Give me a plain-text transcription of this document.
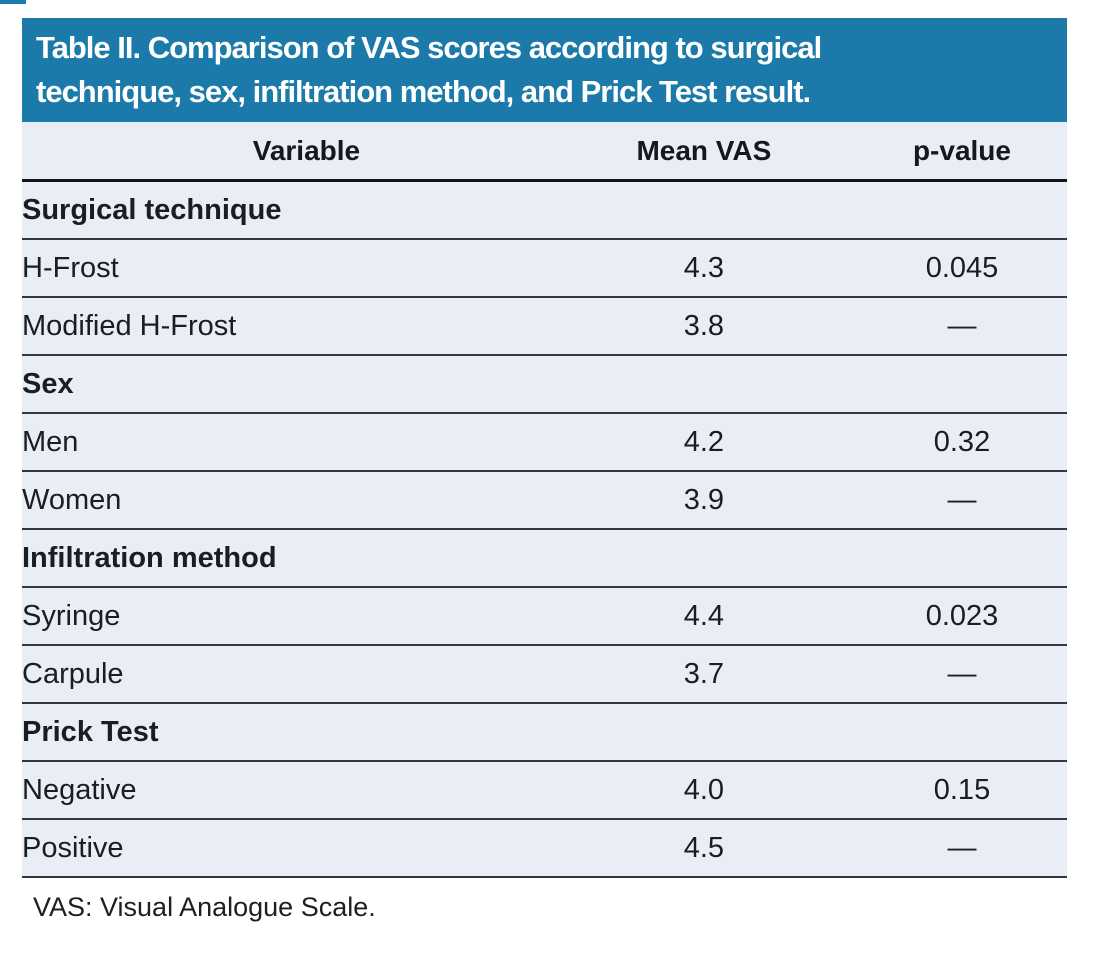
Table II. Comparison of VAS scores according to surgical
technique, sex, infiltration method, and Prick Test result.
Variable	Mean VAS	p-value
Surgical technique		
H-Frost	4.3	0.045
Modified H-Frost	3.8	—
Sex		
Men	4.2	0.32
Women	3.9	—
Infiltration method		
Syringe	4.4	0.023
Carpule	3.7	—
Prick Test		
Negative	4.0	0.15
Positive	4.5	—
VAS: Visual Analogue Scale.
